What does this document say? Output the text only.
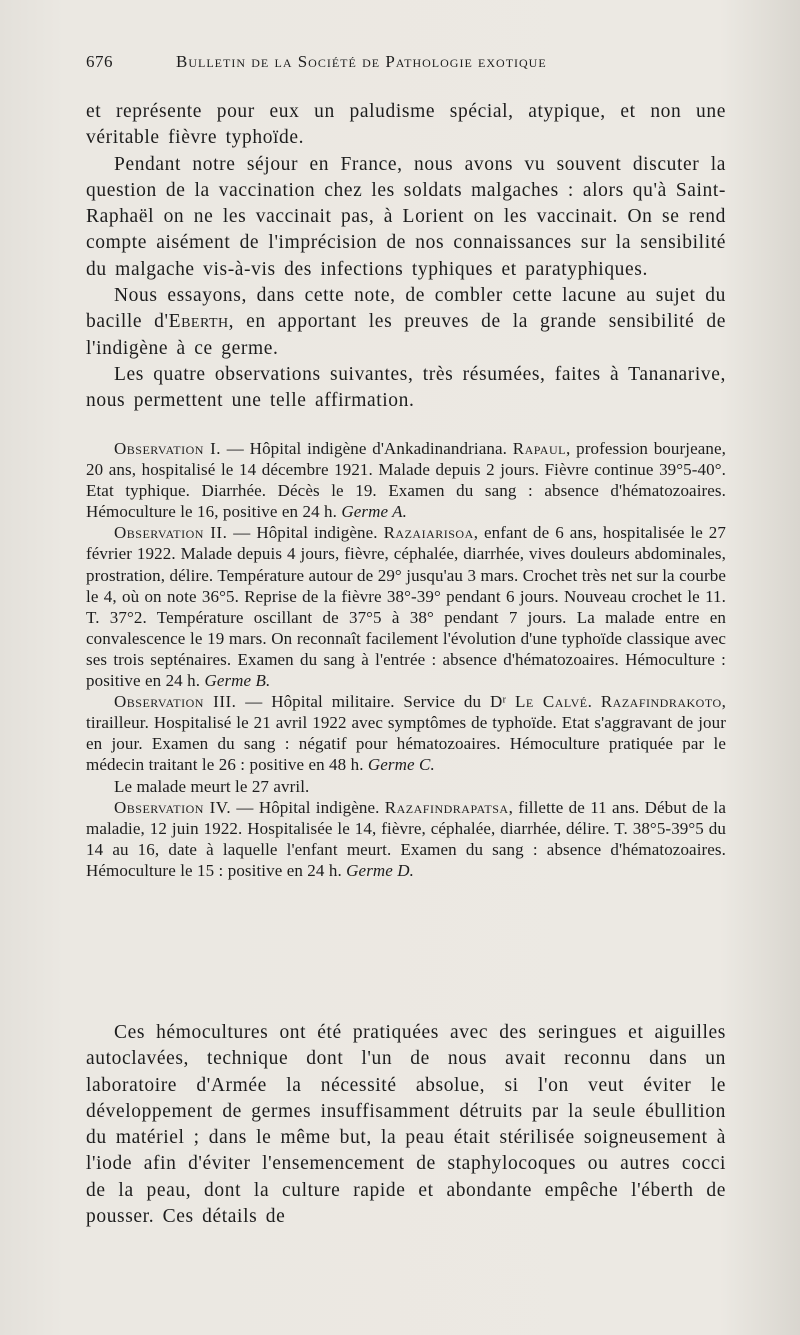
676	Bulletin de la Société de Pathologie exotique

et représente pour eux un paludisme spécial, atypique, et non une véritable fièvre typhoïde.

Pendant notre séjour en France, nous avons vu souvent discuter la question de la vaccination chez les soldats malgaches : alors qu'à Saint-Raphaël on ne les vaccinait pas, à Lorient on les vaccinait. On se rend compte aisément de l'imprécision de nos connaissances sur la sensibilité du malgache vis-à-vis des infections typhiques et paratyphiques.

Nous essayons, dans cette note, de combler cette lacune au sujet du bacille d'Eberth, en apportant les preuves de la grande sensibilité de l'indigène à ce germe.

Les quatre observations suivantes, très résumées, faites à Tananarive, nous permettent une telle affirmation.

Observation I. — Hôpital indigène d'Ankadinandriana. Rapaul, profession bourjeane, 20 ans, hospitalisé le 14 décembre 1921. Malade depuis 2 jours. Fièvre continue 39°5-40°. Etat typhique. Diarrhée. Décès le 19. Examen du sang : absence d'hématozoaires. Hémoculture le 16, positive en 24 h. Germe A.

Observation II. — Hôpital indigène. Razaiarisoa, enfant de 6 ans, hospitalisée le 27 février 1922. Malade depuis 4 jours, fièvre, céphalée, diarrhée, vives douleurs abdominales, prostration, délire. Température autour de 29° jusqu'au 3 mars. Crochet très net sur la courbe le 4, où on note 36°5. Reprise de la fièvre 38°-39° pendant 6 jours. Nouveau crochet le 11. T. 37°2. Température oscillant de 37°5 à 38° pendant 7 jours. La malade entre en convalescence le 19 mars. On reconnaît facilement l'évolution d'une typhoïde classique avec ses trois septénaires. Examen du sang à l'entrée : absence d'hématozoaires. Hémoculture : positive en 24 h. Germe B.

Observation III. — Hôpital militaire. Service du Dʳ Le Calvé. Razafindrakoto, tirailleur. Hospitalisé le 21 avril 1922 avec symptômes de typhoïde. Etat s'aggravant de jour en jour. Examen du sang : négatif pour hématozoaires. Hémoculture pratiquée par le médecin traitant le 26 : positive en 48 h. Germe C.

Le malade meurt le 27 avril.

Observation IV. — Hôpital indigène. Razafindrapatsa, fillette de 11 ans. Début de la maladie, 12 juin 1922. Hospitalisée le 14, fièvre, céphalée, diarrhée, délire. T. 38°5-39°5 du 14 au 16, date à laquelle l'enfant meurt. Examen du sang : absence d'hématozoaires. Hémoculture le 15 : positive en 24 h. Germe D.

Ces hémocultures ont été pratiquées avec des seringues et aiguilles autoclavées, technique dont l'un de nous avait reconnu dans un laboratoire d'Armée la nécessité absolue, si l'on veut éviter le développement de germes insuffisamment détruits par la seule ébullition du matériel ; dans le même but, la peau était stérilisée soigneusement à l'iode afin d'éviter l'ensemencement de staphylocoques ou autres cocci de la peau, dont la culture rapide et abondante empêche l'éberth de pousser. Ces détails de
